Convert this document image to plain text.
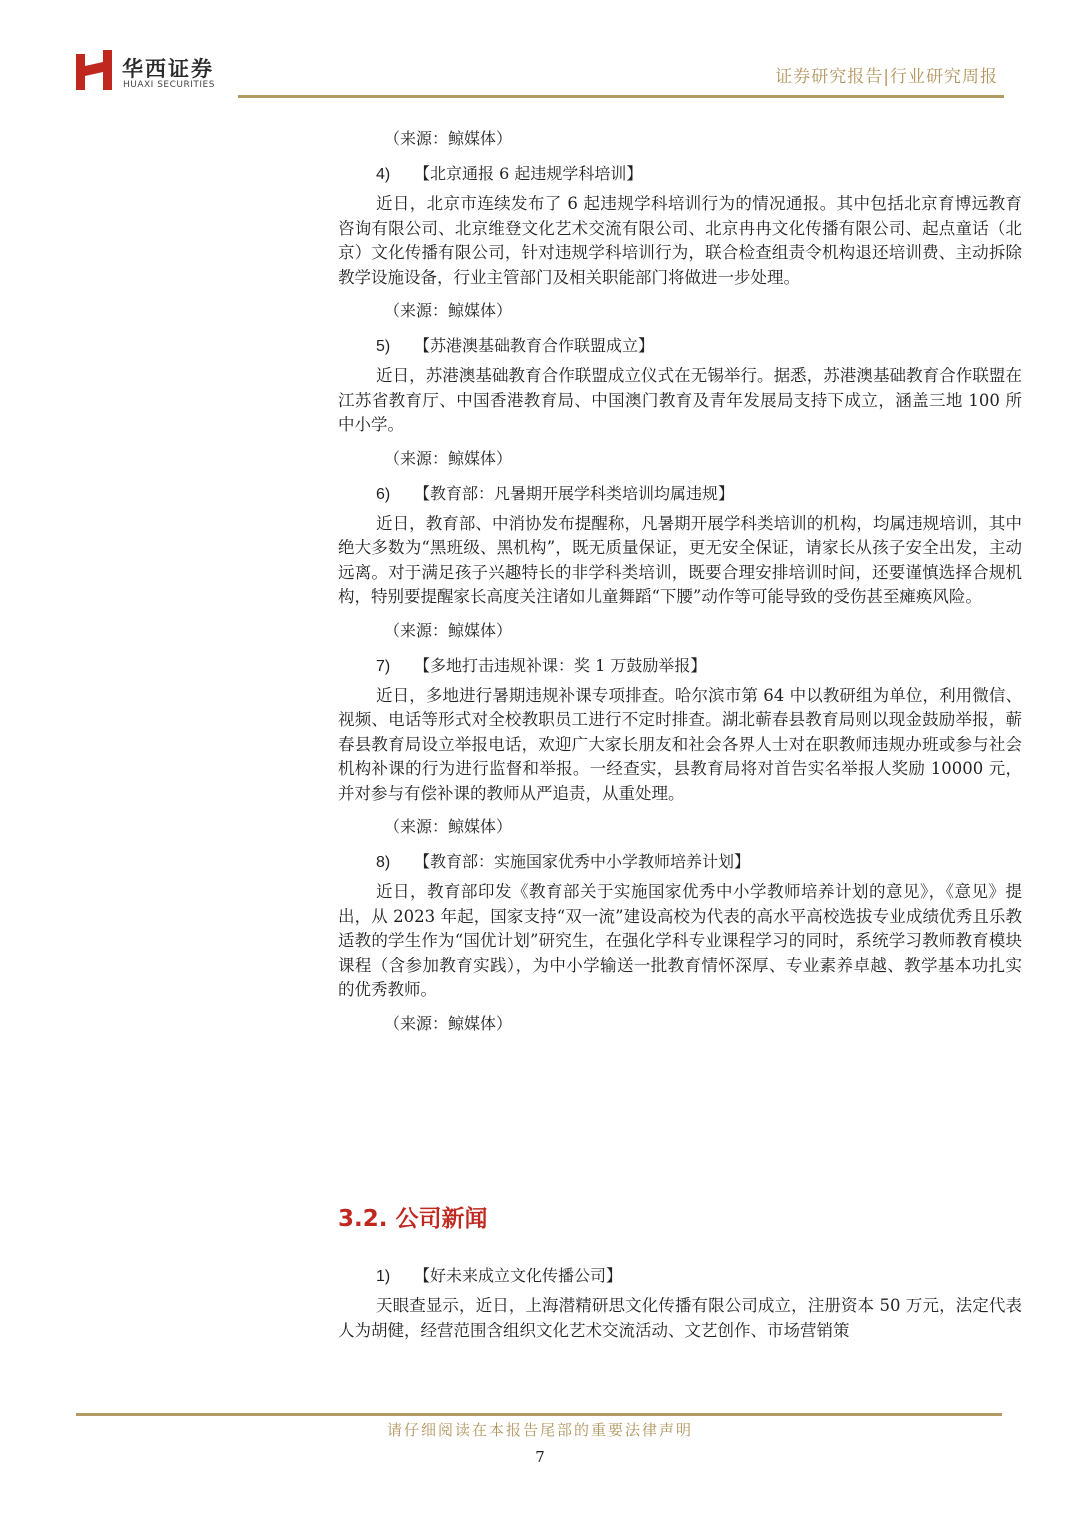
华西证券
HUAXI SECURITIES	证券研究报告|行业研究周报
（来源：鲸媒体）
4) 【北京通报 6 起违规学科培训】

近日，北京市连续发布了 6 起违规学科培训行为的情况通报。其中包括北京育博远教育咨询有限公司、北京维登文化艺术交流有限公司、北京冉冉文化传播有限公司、起点童话（北京）文化传播有限公司，针对违规学科培训行为，联合检查组责令机构退还培训费、主动拆除教学设施设备，行业主管部门及相关职能部门将做进一步处理。

（来源：鲸媒体）
5) 【苏港澳基础教育合作联盟成立】

近日，苏港澳基础教育合作联盟成立仪式在无锡举行。据悉，苏港澳基础教育合作联盟在江苏省教育厅、中国香港教育局、中国澳门教育及青年发展局支持下成立，涵盖三地 100 所中小学。

（来源：鲸媒体）
6) 【教育部：凡暑期开展学科类培训均属违规】

近日，教育部、中消协发布提醒称，凡暑期开展学科类培训的机构，均属违规培训，其中绝大多数为“黑班级、黑机构”，既无质量保证，更无安全保证，请家长从孩子安全出发，主动远离。对于满足孩子兴趣特长的非学科类培训，既要合理安排培训时间，还要谨慎选择合规机构，特别要提醒家长高度关注诸如儿童舞蹈“下腰”动作等可能导致的受伤甚至瘫痪风险。

（来源：鲸媒体）
7) 【多地打击违规补课：奖 1 万鼓励举报】

近日，多地进行暑期违规补课专项排查。哈尔滨市第 64 中以教研组为单位，利用微信、视频、电话等形式对全校教职员工进行不定时排查。湖北蕲春县教育局则以现金鼓励举报，蕲春县教育局设立举报电话，欢迎广大家长朋友和社会各界人士对在职教师违规办班或参与社会机构补课的行为进行监督和举报。一经查实，县教育局将对首告实名举报人奖励 10000 元，并对参与有偿补课的教师从严追责，从重处理。

（来源：鲸媒体）
8) 【教育部：实施国家优秀中小学教师培养计划】

近日，教育部印发《教育部关于实施国家优秀中小学教师培养计划的意见》，《意见》提出，从 2023 年起，国家支持“双一流”建设高校为代表的高水平高校选拔专业成绩优秀且乐教适教的学生作为“国优计划”研究生，在强化学科专业课程学习的同时，系统学习教师教育模块课程（含参加教育实践），为中小学输送一批教育情怀深厚、专业素养卓越、教学基本功扎实的优秀教师。

（来源：鲸媒体）
3.2. 公司新闻
1) 【好未来成立文化传播公司】

天眼查显示，近日，上海潜精研思文化传播有限公司成立，注册资本 50 万元，法定代表人为胡健，经营范围含组织文化艺术交流活动、文艺创作、市场营销策

请仔细阅读在本报告尾部的重要法律声明
7
